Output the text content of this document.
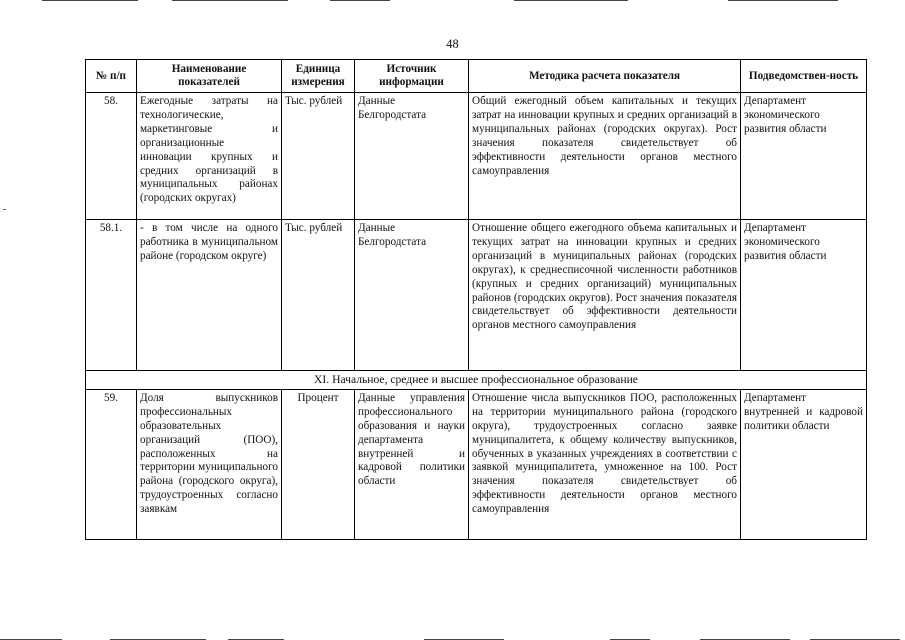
48
№ п/п	Наименование показателей	Единица измерения	Источник информации	Методика расчета показателя	Подведомствен-ность
58.	Ежегодные затраты на технологические, маркетинговые и организационные инновации крупных и средних организаций в муниципальных районах (городских округах)	Тыс. рублей	Данные Белгородстата	Общий ежегодный объем капитальных и текущих затрат на инновации крупных и средних организаций в муниципальных районах (городских округах). Рост значения показателя свидетельствует об эффективности деятельности органов местного самоуправления	Департамент экономического развития области
58.1.	- в том числе на одного работника в муниципальном районе (городском округе)	Тыс. рублей	Данные Белгородстата	Отношение общего ежегодного объема капитальных и текущих затрат на инновации крупных и средних организаций в муниципальных районах (городских округах), к среднесписочной численности работников (крупных и средних организаций) муниципальных районов (городских округов). Рост значения показателя свидетельствует об эффективности деятельности органов местного самоуправления	Департамент экономического развития области
XI. Начальное, среднее и высшее профессиональное образование					
59.	Доля выпускников профессиональных образовательных организаций (ПОО), расположенных на территории муниципального района (городского округа), трудоустроенных согласно заявкам	Процент	Данные управления профессионального образования и науки департамента внутренней и кадровой политики области	Отношение числа выпускников ПОО, расположенных на территории муниципального района (городского округа), трудоустроенных согласно заявке муниципалитета, к общему количеству выпускников, обученных в указанных учреждениях в соответствии с заявкой муниципалитета, умноженное на 100. Рост значения показателя свидетельствует об эффективности деятельности органов местного самоуправления	Департамент внутренней и кадровой политики области
